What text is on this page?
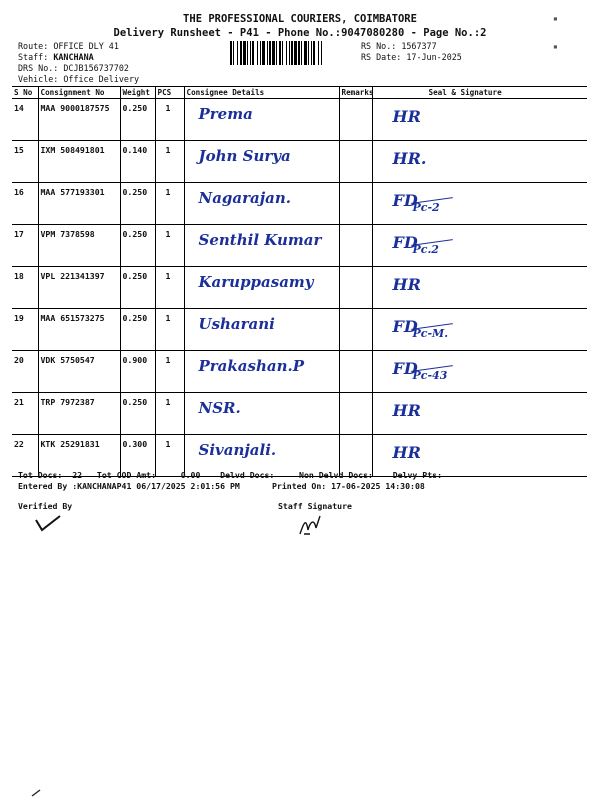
THE PROFESSIONAL COURIERS, COIMBATORE
Delivery Runsheet - P41 - Phone No.:9047080280 - Page No.:2
Route: OFFICE DLY 41
Staff: KANCHANA
DRS No.: DCJB156737702
Vehicle: Office Delivery
RS No.: 1567377
RS Date: 17-Jun-2025
▪
▪
S No	Consignment No	Weight	PCS	Consignee Details	Remarks	Seal & Signature
14	MAA 9000187575	0.250	1	Prema		HR

15	IXM 508491801	0.140	1	John Surya		HR.

16	MAA 577193301	0.250	1	Nagarajan.		FD
Pc-2

17	VPM 7378598	0.250	1	Senthil Kumar		FD
Pc.2

18	VPL 221341397	0.250	1	Karuppasamy		HR

19	MAA 651573275	0.250	1	Usharani		FD
Pc-M.

20	VDK 5750547	0.900	1	Prakashan.P		FD
Pc-43

21	TRP 7972387	0.250	1	NSR.		HR

22	KTK 25291831	0.300	1	Sivanjali.		HR
Tot Docs: 22 Tot COD Amt:	0.00 Delvd Docs:	Non Delvd Docs: Delvy Pts:
Entered By :KANCHANAP41 06/17/2025 2:01:56 PM	Printed On: 17-06-2025 14:30:08
Verified By	Staff Signature
